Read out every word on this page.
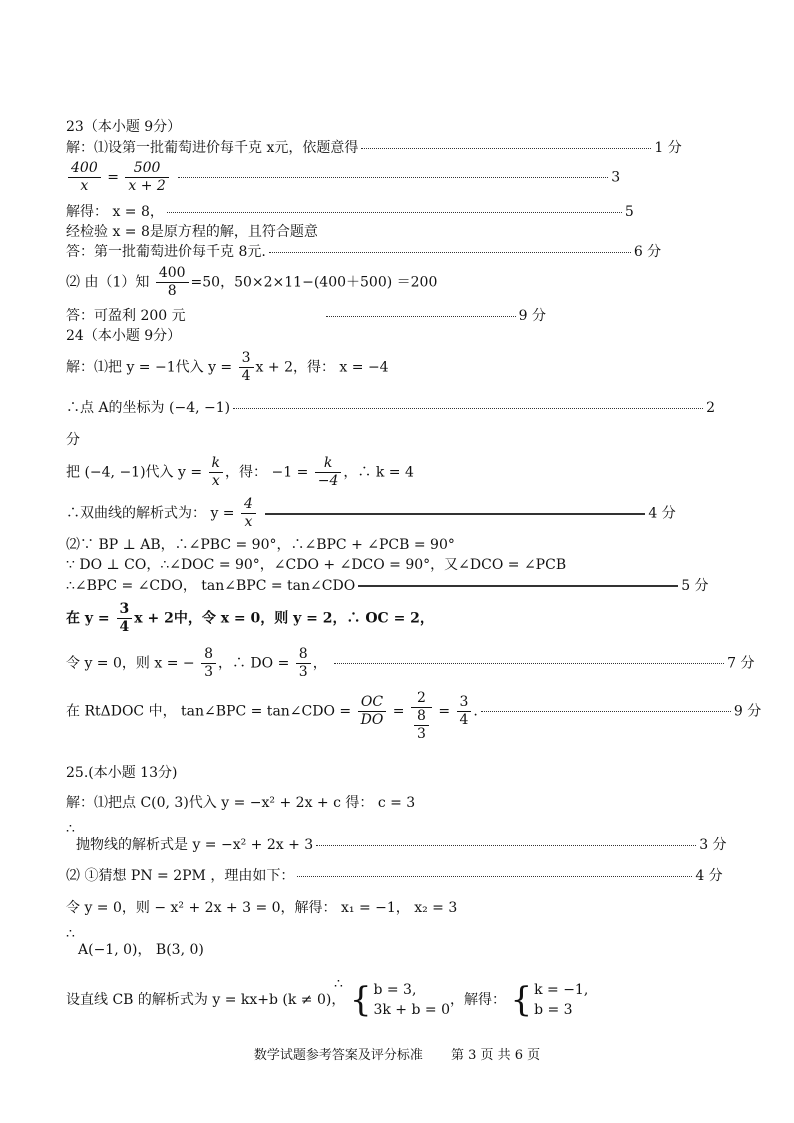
23（本小题 9分）
解：⑴设第一批葡萄进价每千克 x元，依题意得	1 分
$\frac{400}{x} = \frac{500}{x + 2}$	3
解得： x = 8，	5
经检验 x = 8是原方程的解，且符合题意
答：第一批葡萄进价每千克 8元.	6 分
⑵ 由（1）知 $\frac{400}{8} =50$，50×2×11−(400＋500) ＝200
答：可盈利 200 元	9 分
24（本小题 9分）
解：⑴把 y = −1代入 $y = \frac{3}{4}$ x + 2，得： x = −4
∴点 A的坐标为 (−4, −1)	2
分
把 (−4, −1)代入 $y = \frac{k}{x}$ ，得： $-1 = \frac{k}{-4}$ ，∴ k = 4
∴双曲线的解析式为： $y = \frac{4}{x}$	4 分
⑵∵ BP ⊥ AB，∴∠PBC = 90°，∴∠BPC + ∠PCB = 90°
∵ DO ⊥ CO，∴∠DOC = 90°，∠CDO + ∠DCO = 90°，又∠DCO = ∠PCB
∴∠BPC = ∠CDO， tan∠BPC = tan∠CDO	5 分
在 $y = \frac{3}{4}$ x + 2中，令 x = 0，则 y = 2，∴ OC = 2，
令 y = 0，则 x = − $\frac{8}{3}$ ，∴ DO = $\frac{8}{3}$ ，	7 分
在 RtΔDOC 中， tan∠BPC = tan∠CDO = $\frac{OC}{DO} = \frac{2}{\frac{8}{3}} = \frac{3}{4}$ .	9 分
25.(本小题 13分)
解：⑴把点 C(0, 3)代入 y = −x² + 2x + c 得： c = 3
∴
抛物线的解析式是 y = −x² + 2x + 3	3 分
⑵ ①猜想 PN = 2PM ，理由如下：	4 分
令 y = 0，则 − x² + 2x + 3 = 0，解得： x₁ = −1， x₂ = 3
∴
A(−1, 0)， B(3, 0)
∴
设直线 CB 的解析式为 y = kx+b (k ≠ 0)， { b = 3,
3k + b = 0
，解得： { k = −1,
b = 3
数学试题参考答案及评分标准 第 3 页 共 6 页
